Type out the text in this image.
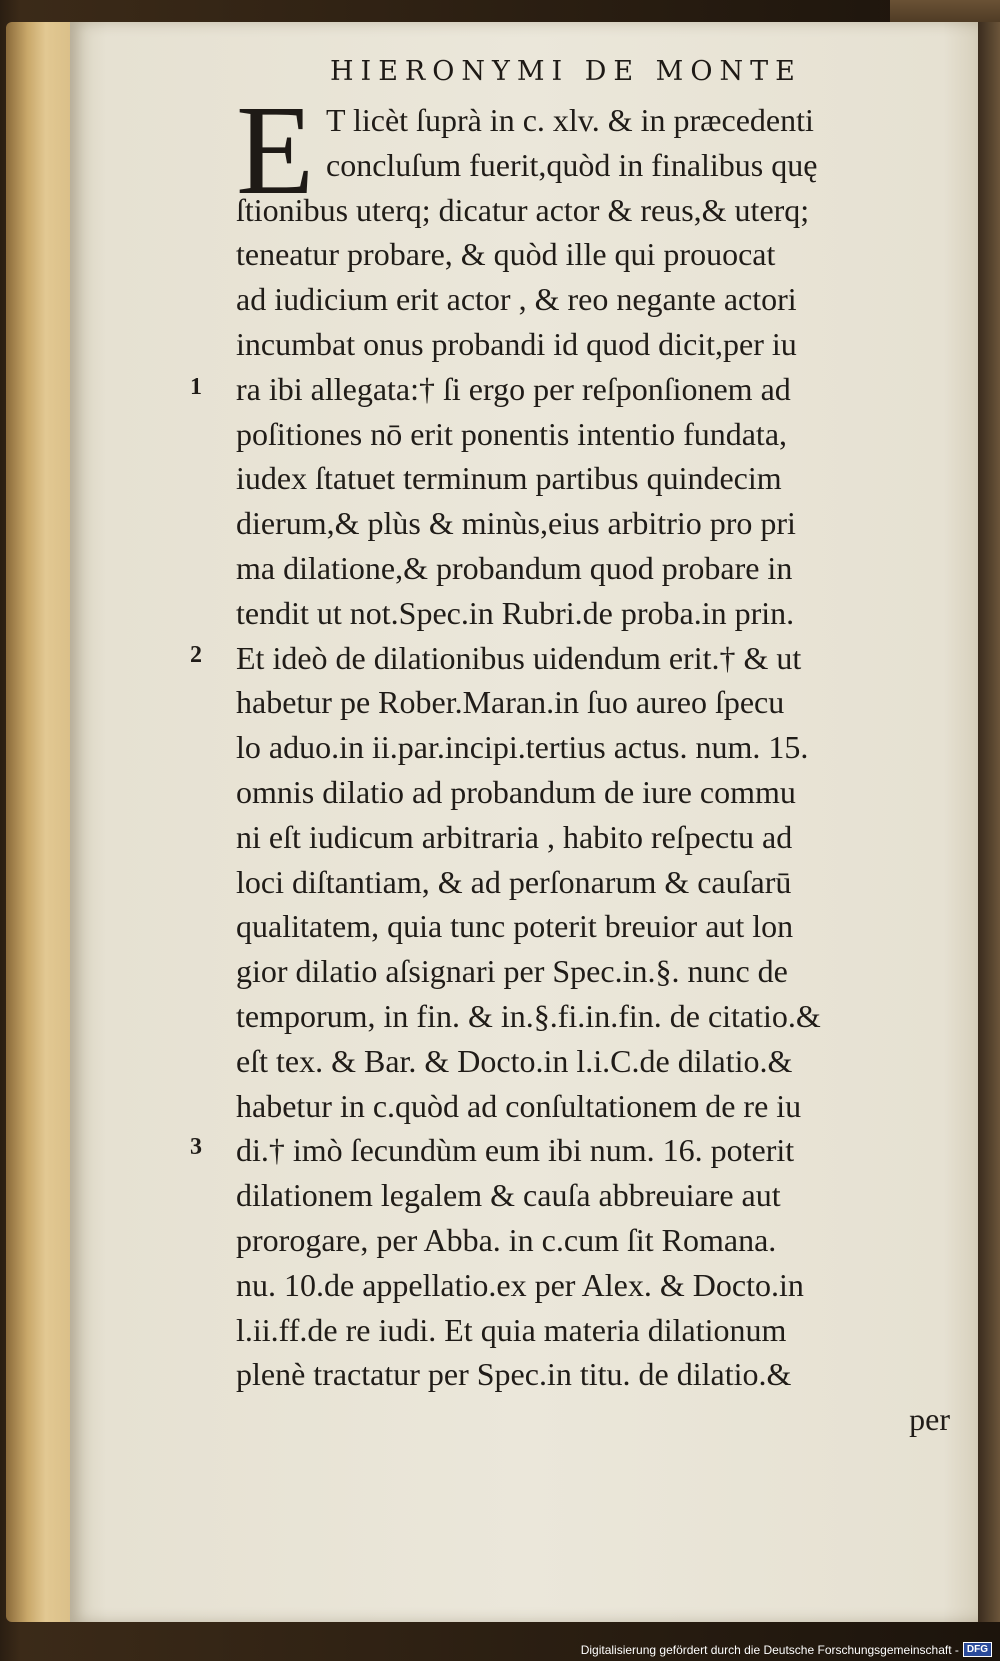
HIERONYMI DE MONTE
E T licèt ſuprà in c. xlv. & in præcedenti
concluſum fuerit,quòd in finalibus quę
ſtionibus uterq; dicatur actor & reus,& uterq;
teneatur probare, & quòd ille qui prouocat
ad iudicium erit actor , & reo negante actori
incumbat onus probandi id quod dicit,per iu
ra ibi allegata:† ſi ergo per reſponſionem ad
poſitiones nō erit ponentis intentio fundata,
iudex ſtatuet terminum partibus quindecim
dierum,& plùs & minùs,eius arbitrio pro pri
ma dilatione,& probandum quod probare in
tendit ut not.Spec.in Rubri.de proba.in prin.
Et ideò de dilationibus uidendum erit.† & ut
habetur pe Rober.Maran.in ſuo aureo ſpecu
lo aduo.in ii.par.incipi.tertius actus. num. 15.
omnis dilatio ad probandum de iure commu
ni eſt iudicum arbitraria , habito reſpectu ad
loci diſtantiam, & ad perſonarum & cauſarū
qualitatem, quia tunc poterit breuior aut lon
gior dilatio aſsignari per Spec.in.§. nunc de
temporum, in fin. & in.§.fi.in.fin. de citatio.&
eſt tex. & Bar. & Docto.in l.i.C.de dilatio.&
habetur in c.quòd ad conſultationem de re iu
di.† imò ſecundùm eum ibi num. 16. poterit
dilationem legalem & cauſa abbreuiare aut
prorogare, per Abba. in c.cum ſit Romana.
nu. 10.de appellatio.ex per Alex. & Docto.in
l.ii.ff.de re iudi. Et quia materia dilationum
plenè tractatur per Spec.in titu. de dilatio.&
per
1
2
3
Digitalisierung gefördert durch die Deutsche Forschungsgemeinschaft - DFG
